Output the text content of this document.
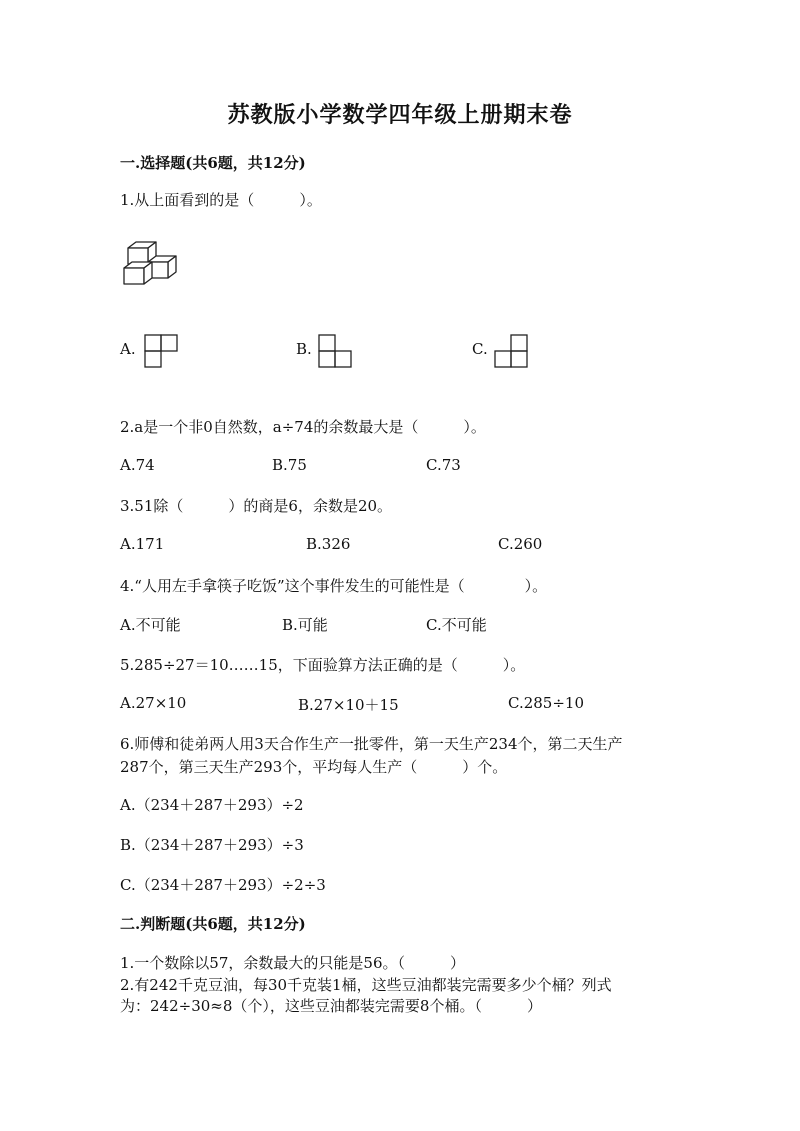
苏教版小学数学四年级上册期末卷
一.选择题(共6题，共12分)
1.从上面看到的是（　　　）。
A.	B.	C.
2.a是一个非0自然数，a÷74的余数最大是（　　　）。
A.74	B.75	C.73
3.51除（　　　）的商是6，余数是20。
A.171	B.326	C.260
4.“人用左手拿筷子吃饭”这个事件发生的可能性是（　　　　）。
A.不可能	B.可能	C.不可能
5.285÷27＝10……15，下面验算方法正确的是（　　　）。
A.27×10	B.27×10＋15	C.285÷10
6.师傅和徒弟两人用3天合作生产一批零件，第一天生产234个，第二天生产
287个，第三天生产293个，平均每人生产（　　　）个。
A.（234＋287＋293）÷2
B.（234＋287＋293）÷3
C.（234＋287＋293）÷2÷3
二.判断题(共6题，共12分)
1.一个数除以57，余数最大的只能是56。（　　　）
2.有242千克豆油，每30千克装1桶，这些豆油都装完需要多少个桶？列式
为：242÷30≈8（个），这些豆油都装完需要8个桶。（　　　）
